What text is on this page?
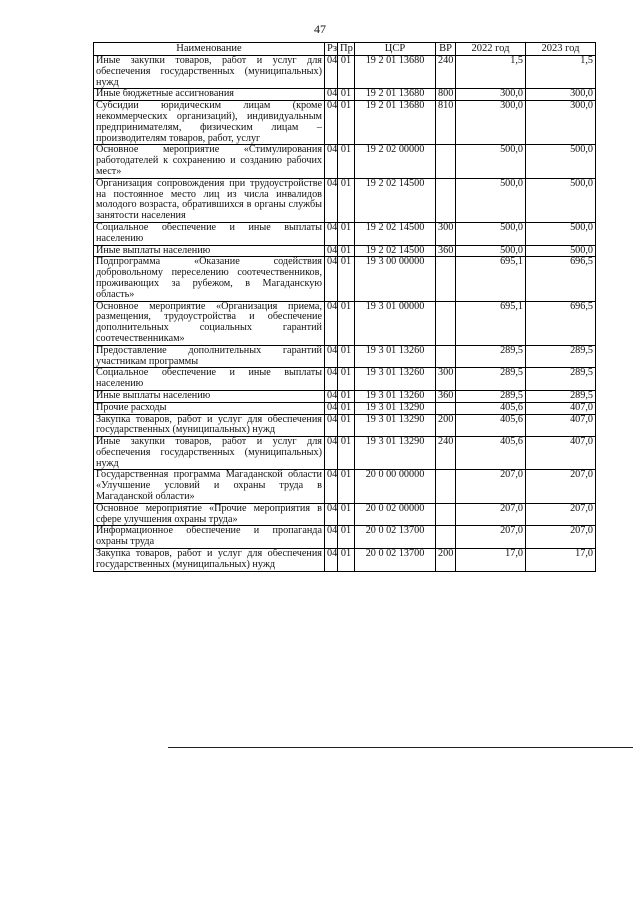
47
Наименование	Рз	Пр	ЦСР	ВР	2022 год	2023 год
Иные закупки товаров, работ и услуг для обеспечения государственных (муниципальных) нужд	04	01	19 2 01 13680	240	1,5	1,5
Иные бюджетные ассигнования	04	01	19 2 01 13680	800	300,0	300,0
Субсидии юридическим лицам (кроме некоммерческих организаций), индивидуальным предпринимателям, физическим лицам – производителям товаров, работ, услуг	04	01	19 2 01 13680	810	300,0	300,0
Основное мероприятие «Стимулирования работодателей к сохранению и созданию рабочих мест»	04	01	19 2 02 00000		500,0	500,0
Организация сопровождения при трудоустройстве на постоянное место лиц из числа инвалидов молодого возраста, обратившихся в органы службы занятости населения	04	01	19 2 02 14500		500,0	500,0
Социальное обеспечение и иные выплаты населению	04	01	19 2 02 14500	300	500,0	500,0
Иные выплаты населению	04	01	19 2 02 14500	360	500,0	500,0
Подпрограмма «Оказание содействия добровольному переселению соотечественников, проживающих за рубежом, в Магаданскую область»	04	01	19 3 00 00000		695,1	696,5
Основное мероприятие «Организация приема, размещения, трудоустройства и обеспечение дополнительных социальных гарантий соотечественникам»	04	01	19 3 01 00000		695,1	696,5
Предоставление дополнительных гарантий участникам программы	04	01	19 3 01 13260		289,5	289,5
Социальное обеспечение и иные выплаты населению	04	01	19 3 01 13260	300	289,5	289,5
Иные выплаты населению	04	01	19 3 01 13260	360	289,5	289,5
Прочие расходы	04	01	19 3 01 13290		405,6	407,0
Закупка товаров, работ и услуг для обеспечения государственных (муниципальных) нужд	04	01	19 3 01 13290	200	405,6	407,0
Иные закупки товаров, работ и услуг для обеспечения государственных (муниципальных) нужд	04	01	19 3 01 13290	240	405,6	407,0
Государственная программа Магаданской области «Улучшение условий и охраны труда в Магаданской области»	04	01	20 0 00 00000		207,0	207,0
Основное мероприятие «Прочие мероприятия в сфере улучшения охраны труда»	04	01	20 0 02 00000		207,0	207,0
Информационное обеспечение и пропаганда охраны труда	04	01	20 0 02 13700		207,0	207,0
Закупка товаров, работ и услуг для обеспечения государственных (муниципальных) нужд	04	01	20 0 02 13700	200	17,0	17,0
